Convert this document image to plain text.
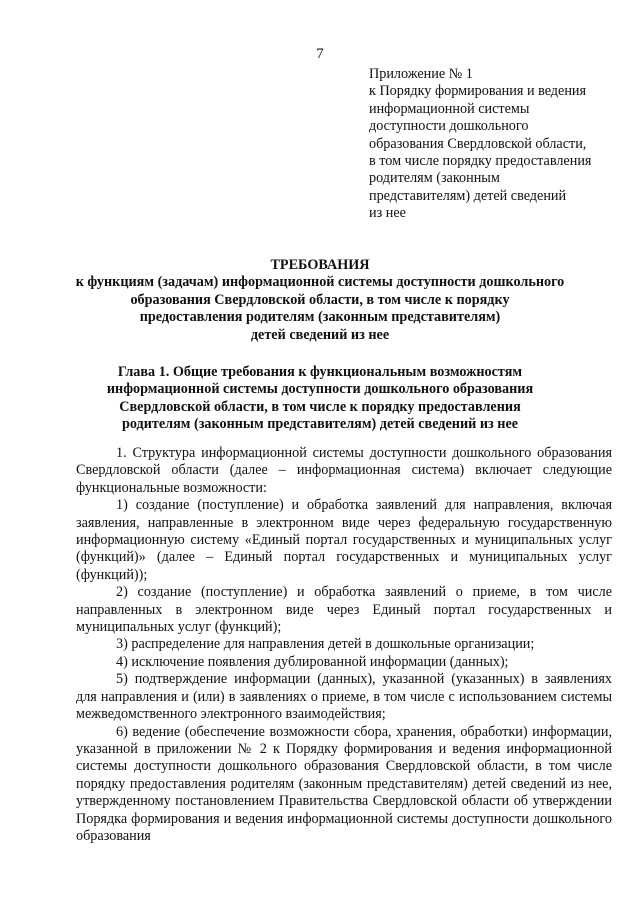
7
Приложение № 1
к Порядку формирования и ведения
информационной системы
доступности дошкольного
образования Свердловской области,
в том числе порядку предоставления
родителям (законным
представителям) детей сведений
из нее
ТРЕБОВАНИЯ
к функциям (задачам) информационной системы доступности дошкольного
образования Свердловской области, в том числе к порядку
предоставления родителям (законным представителям)
детей сведений из нее
Глава 1. Общие требования к функциональным возможностям
информационной системы доступности дошкольного образования
Свердловской области, в том числе к порядку предоставления
родителям (законным представителям) детей сведений из нее

1. Структура информационной системы доступности дошкольного образования Свердловской области (далее – информационная система) включает следующие функциональные возможности:

1) создание (поступление) и обработка заявлений для направления, включая заявления, направленные в электронном виде через федеральную государственную информационную систему «Единый портал государственных и муниципальных услуг (функций)» (далее – Единый портал государственных и муниципальных услуг (функций));

2) создание (поступление) и обработка заявлений о приеме, в том числе направленных в электронном виде через Единый портал государственных и муниципальных услуг (функций);

3) распределение для направления детей в дошкольные организации;

4) исключение появления дублированной информации (данных);

5) подтверждение информации (данных), указанной (указанных) в заявлениях для направления и (или) в заявлениях о приеме, в том числе с использованием системы межведомственного электронного взаимодействия;

6) ведение (обеспечение возможности сбора, хранения, обработки) информации, указанной в приложении № 2 к Порядку формирования и ведения информационной системы доступности дошкольного образования Свердловской области, в том числе порядку предоставления родителям (законным представителям) детей сведений из нее, утвержденному постановлением Правительства Свердловской области об утверждении Порядка формирования и ведения информационной системы доступности дошкольного образования
